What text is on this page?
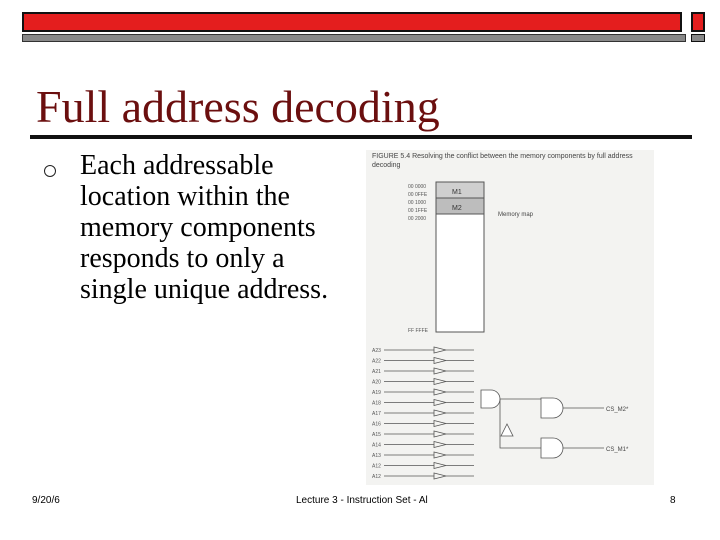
Full address decoding
Each addressable location within the memory components responds to only a single unique address.
FIGURE 5.4 Resolving the conflict between the memory components by full address decoding
M1
M2
Memory map
00 0000
00 0FFE
00 1000
00 1FFE
00 2000
FF FFFE
A23
A22
A21
A20
A19
A18
A17
A16
A15
A14
A13
A12
A12
CS_M2*
CS_M1*
9/20/6	Lecture 3 - Instruction Set - Al	8
